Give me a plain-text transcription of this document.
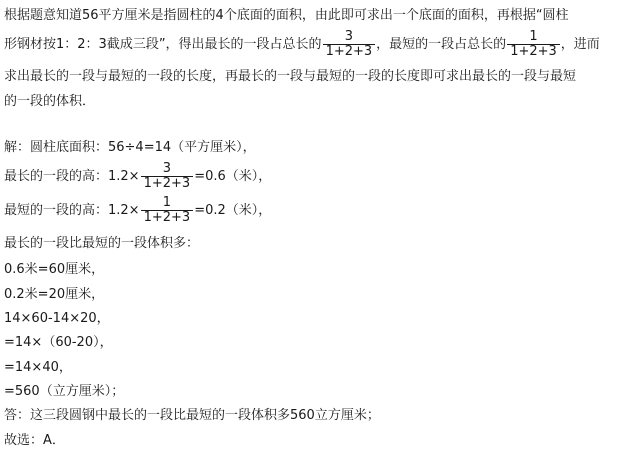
根据题意知道56平方厘米是指圆柱的4个底面的面积，由此即可求出一个底面的面积，再根据“圆柱
形钢材按1：2：3截成三段”，得出最长的一段占总长的 $\frac{3}{1+2+3}$ ，最短的一段占总长的 $\frac{1}{1+2+3}$ ，进而
求出最长的一段与最短的一段的长度，再最长的一段与最短的一段的长度即可求出最长的一段与最短
的一段的体积．
解：圆柱底面积：56÷4=14（平方厘米），
最长的一段的高：$1.2\times \frac{3}{1+2+3} =0.6$（米），
最短的一段的高：$1.2\times \frac{1}{1+2+3} =0.2$（米），
最长的一段比最短的一段体积多：
0.6米=60厘米，
0.2米=20厘米，
14×60-14×20，
=14×（60-20），
=14×40，
=560（立方厘米）；
答：这三段圆钢中最长的一段比最短的一段体积多560立方厘米；
故选：A．
